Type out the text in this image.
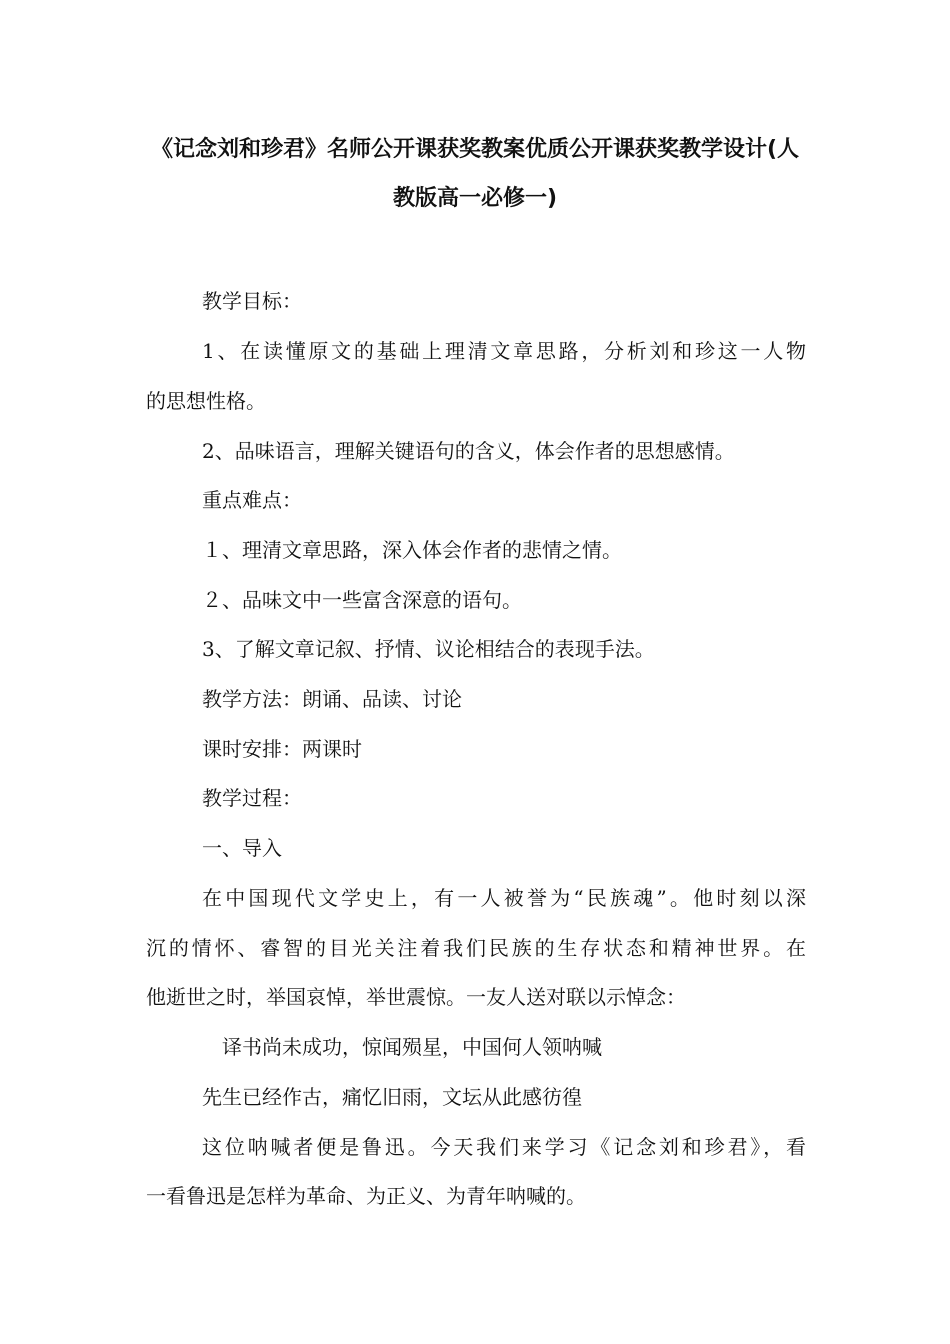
《记念刘和珍君》名师公开课获奖教案优质公开课获奖教学设计(人
教版高一必修一)
教学目标：
1、在读懂原文的基础上理清文章思路，分析刘和珍这一人物
的思想性格。
2、品味语言，理解关键语句的含义，体会作者的思想感情。
重点难点：
１、理清文章思路，深入体会作者的悲情之情。
２、品味文中一些富含深意的语句。
3、了解文章记叙、抒情、议论相结合的表现手法。
教学方法：朗诵、品读、讨论
课时安排：两课时
教学过程：
一、导入
在中国现代文学史上，有一人被誉为“民族魂”。他时刻以深
沉的情怀、睿智的目光关注着我们民族的生存状态和精神世界。在
他逝世之时，举国哀悼，举世震惊。一友人送对联以示悼念：
译书尚未成功，惊闻殒星，中国何人领呐喊
先生已经作古，痛忆旧雨，文坛从此感彷徨
这位呐喊者便是鲁迅。今天我们来学习《记念刘和珍君》，看
一看鲁迅是怎样为革命、为正义、为青年呐喊的。
